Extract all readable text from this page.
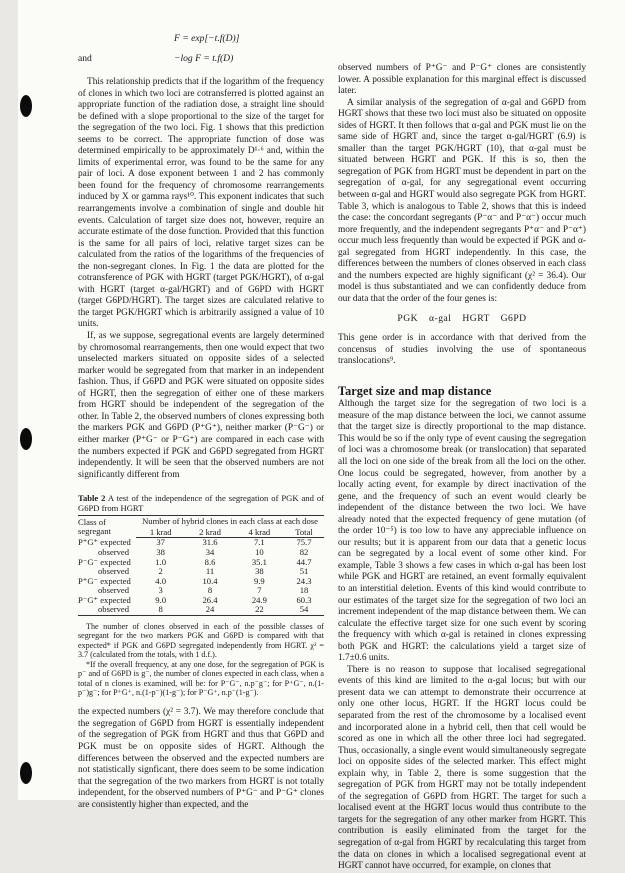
F = exp[−t.f(D)]
and	−log F = t.f(D)

This relationship predicts that if the logarithm of the frequency of clones in which two loci are cotransferred is plotted against an appropriate function of the radiation dose, a straight line should be defined with a slope proportional to the size of the target for the segregation of the two loci. Fig. 1 shows that this prediction seems to be correct. The appropriate function of dose was determined empirically to be approximately D¹·⁶ and, within the limits of experimental error, was found to be the same for any pair of loci. A dose exponent between 1 and 2 has commonly been found for the frequency of chromosome rearrangements induced by X or gamma rays¹⁰. This exponent indicates that such rearrangements involve a combination of single and double hit events. Calculation of target size does not, however, require an accurate estimate of the dose function. Provided that this function is the same for all pairs of loci, relative target sizes can be calculated from the ratios of the logarithms of the frequencies of the non-segregant clones. In Fig. 1 the data are plotted for the cotransference of PGK with HGRT (target PGK/HGRT), of α-gal with HGRT (target α-gal/HGRT) and of G6PD with HGRT (target G6PD/HGRT). The target sizes are calculated relative to the target PGK/HGRT which is arbitrarily assigned a value of 10 units.

If, as we suppose, segregational events are largely determined by chromosomal rearrangements, then one would expect that two unselected markers situated on opposite sides of a selected marker would be segregated from that marker in an independent fashion. Thus, if G6PD and PGK were situated on opposite sides of HGRT, then the segregation of either one of these markers from HGRT should be independent of the segregation of the other. In Table 2, the observed numbers of clones expressing both the markers PGK and G6PD (P⁺G⁺), neither marker (P⁻G⁻) or either marker (P⁺G⁻ or P⁻G⁺) are compared in each case with the numbers expected if PGK and G6PD segregated from HGRT independently. It will be seen that the observed numbers are not significantly different from

Table 2 A test of the independence of the segregation of PGK and of G6PD from HGRT
Class of segregant	Number of hybrid clones in each class at each dose			
	1 krad	2 krad	4 krad	Total
P⁺G⁺ expected	37	31.6	7.1	75.7
observed	38	34	10	82
P⁻G⁻ expected	1.0	8.6	35.1	44.7
observed	2	11	38	51
P⁺G⁻ expected	4.0	10.4	9.9	24.3
observed	3	8	7	18
P⁻G⁺ expected	9.0	26.4	24.9	60.3
observed	8	24	22	54

The number of clones observed in each of the possible classes of segregant for the two markers PGK and G6PD is compared with that expected* if PGK and G6PD segregated independently from HGRT. χ² = 3.7 (calculated from the totals, with 1 d.f.).

*If the overall frequency, at any one dose, for the segregation of PGK is p⁻ and of G6PD is g⁻, the number of clones expected in each class, when a total of n clones is examined, will be: for P⁻G⁻, n.p⁻g⁻; for P⁺G⁻, n.(1-p⁻)g⁻; for P⁺G⁺, n.(1-p⁻)(1-g⁻); for P⁻G⁺, n.p⁻(1-g⁻).

the expected numbers (χ² = 3.7). We may therefore conclude that the segregation of G6PD from HGRT is essentially independent of the segregation of PGK from HGRT and thus that G6PD and PGK must be on opposite sides of HGRT. Although the differences between the observed and the expected numbers are not statistically signficant, there does seem to be some indication that the segregation of the two markers from HGRT is not totally independent, for the observed numbers of P⁺G⁻ and P⁻G⁺ clones are consistently higher than expected, and the

observed numbers of P⁺G⁻ and P⁻G⁺ clones are consistently lower. A possible explanation for this marginal effect is discussed later.

A similar analysis of the segregation of α-gal and G6PD from HGRT shows that these two loci must also be situated on opposite sides of HGRT. It then follows that α-gal and PGK must lie on the same side of HGRT and, since the target α-gal/HGRT (6.9) is smaller than the target PGK/HGRT (10), that α-gal must be situated between HGRT and PGK. If this is so, then the segregation of PGK from HGRT must be dependent in part on the segregation of α-gal, for any segregational event occurring between α-gal and HGRT would also segregate PGK from HGRT. Table 3, which is analogous to Table 2, shows that this is indeed the case: the concordant segregants (P⁻α⁻ and P⁻α⁻) occur much more frequently, and the independent segregants P⁺α⁻ and P⁻α⁺) occur much less frequently than would be expected if PGK and α-gal segregated from HGRT independently. In this case, the differences between the numbers of clones observed in each class and the numbers expected are highly significant (χ² = 36.4). Our model is thus substantiated and we can confidently deduce from our data that the order of the four genes is:

PGK α-gal HGRT G6PD

This gene order is in accordance with that derived from the concensus of studies involving the use of spontaneous translocations⁹.

Target size and map distance

Although the target size for the segregation of two loci is a measure of the map distance between the loci, we cannot assume that the target size is directly proportional to the map distance. This would be so if the only type of event causing the segregation of loci was a chromosome break (or translocation) that separated all the loci on one side of the break from all the loci on the other. One locus could be segregated, however, from another by a locally acting event, for example by direct inactivation of the gene, and the frequency of such an event would clearly be independent of the distance between the two loci. We have already noted that the expected frequency of gene mutation (of the order 10⁻⁵) is too low to have any appreciable influence on our results; but it is apparent from our data that a genetic locus can be segregated by a local event of some other kind. For example, Table 3 shows a few cases in which α-gal has been lost while PGK and HGRT are retained, an event formally equivalent to an interstitial deletion. Events of this kind would contribute to our estimates of the target size for the segregation of two loci an increment independent of the map distance between them. We can calculate the effective target size for one such event by scoring the frequency with which α-gal is retained in clones expressing both PGK and HGRT: the calculations yield a target size of 1.7±0.6 units.

There is no reason to suppose that localised segregational events of this kind are limited to the α-gal locus; but with our present data we can attempt to demonstrate their occurrence at only one other locus, HGRT. If the HGRT locus could be separated from the rest of the chromosome by a localised event and incorporated alone in a hybrid cell, then that cell would be scored as one in which all the other three loci had segregated. Thus, occasionally, a single event would simultaneously segregate loci on opposite sides of the selected marker. This effect might explain why, in Table 2, there is some suggestion that the segregation of PGK from HGRT may not be totally independent of the segregation of G6PD from HGRT. The target for such a localised event at the HGRT locus would thus contribute to the targets for the segregation of any other marker from HGRT. This contribution is easily eliminated from the target for the segregation of α-gal from HGRT by recalculating this target from the data on clones in which a localised segregational event at HGRT cannot have occurred, for example, on clones that
